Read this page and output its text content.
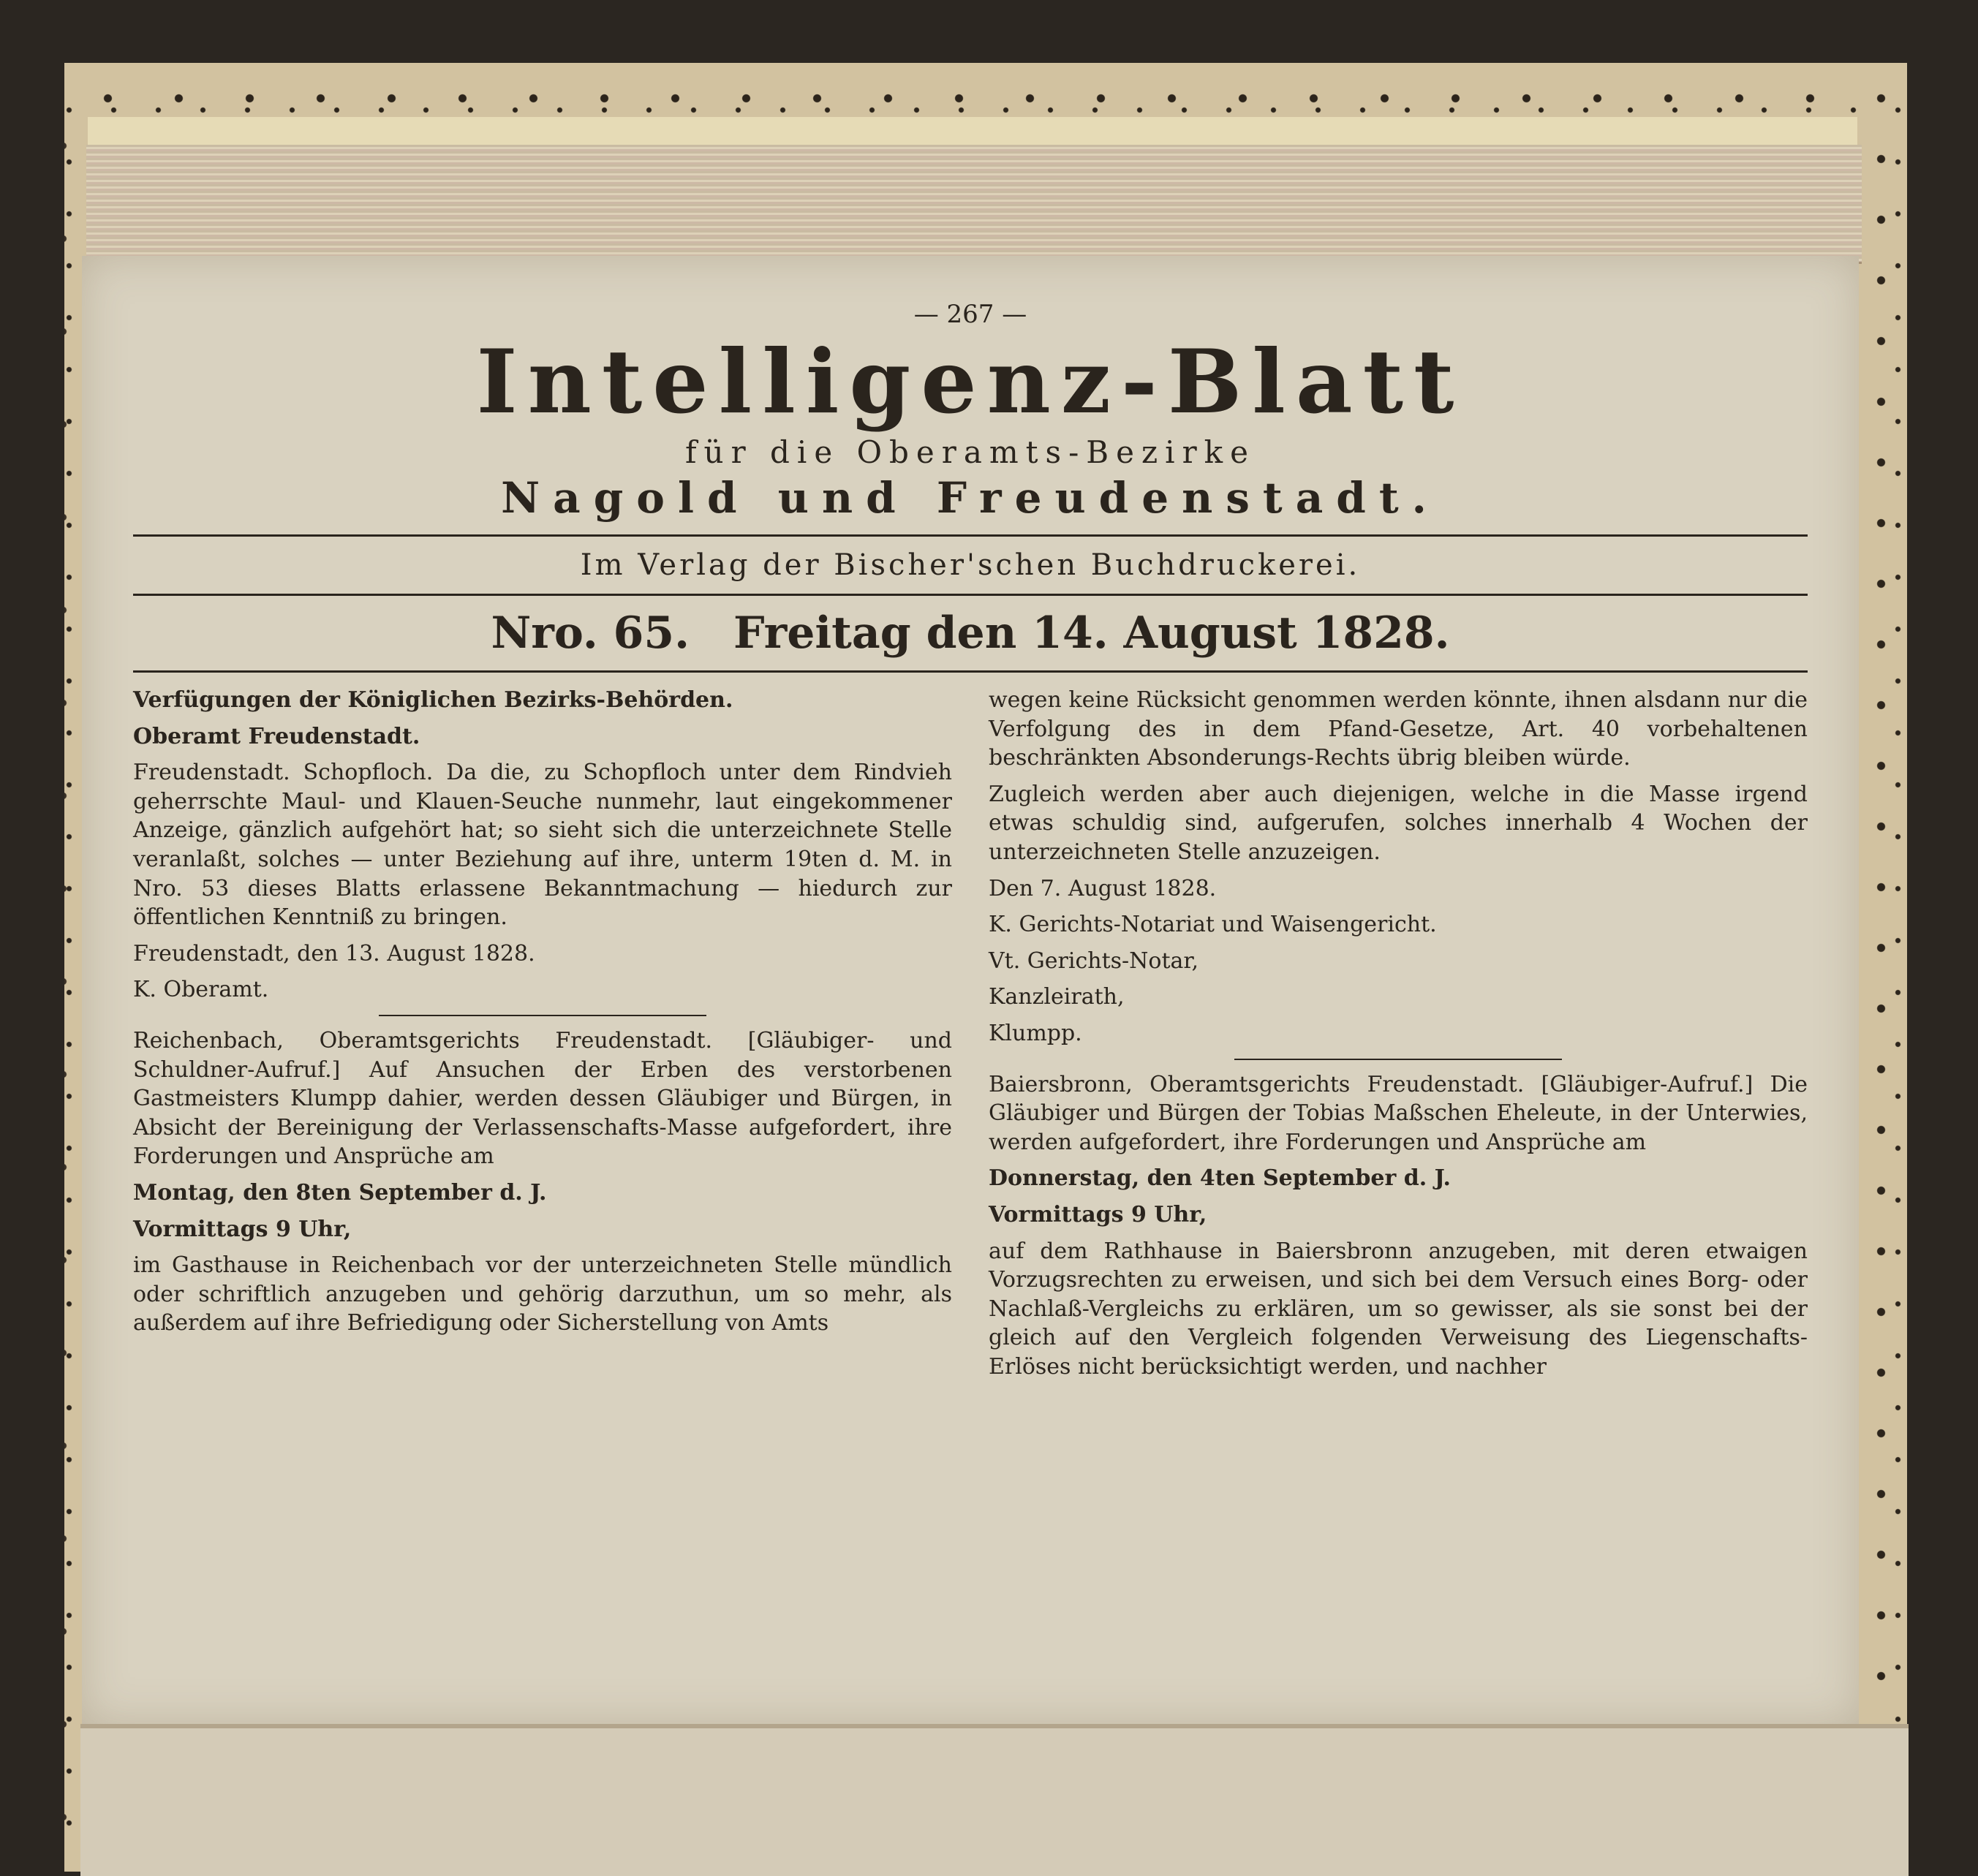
— 267 —
Intelligenz-Blatt
für die Oberamts-Bezirke
Nagold und Freudenstadt.
Im Verlag der Bischer'schen Buchdruckerei.
Nro. 65. Freitag den 14. August 1828.

Verfügungen der Königlichen Bezirks-Behörden.

Oberamt Freudenstadt.

Freudenstadt. Schopfloch. Da die, zu Schopfloch unter dem Rindvieh geherrschte Maul- und Klauen-Seuche nunmehr, laut eingekommener Anzeige, gänzlich aufgehört hat; so sieht sich die unterzeichnete Stelle veranlaßt, solches — unter Beziehung auf ihre, unterm 19ten d. M. in Nro. 53 dieses Blatts erlassene Bekanntmachung — hiedurch zur öffentlichen Kenntniß zu bringen.

Freudenstadt, den 13. August 1828.

K. Oberamt.

Reichenbach, Oberamtsgerichts Freudenstadt. [Gläubiger- und Schuldner-Aufruf.] Auf Ansuchen der Erben des verstorbenen Gastmeisters Klumpp dahier, werden dessen Gläubiger und Bürgen, in Absicht der Bereinigung der Verlassenschafts-Masse aufgefordert, ihre Forderungen und Ansprüche am

Montag, den 8ten September d. J.

Vormittags 9 Uhr,

im Gasthause in Reichenbach vor der unterzeichneten Stelle mündlich oder schriftlich anzugeben und gehörig darzuthun, um so mehr, als außerdem auf ihre Befriedigung oder Sicherstellung von Amts

wegen keine Rücksicht genommen werden könnte, ihnen alsdann nur die Verfolgung des in dem Pfand-Gesetze, Art. 40 vorbehaltenen beschränkten Absonderungs-Rechts übrig bleiben würde.

Zugleich werden aber auch diejenigen, welche in die Masse irgend etwas schuldig sind, aufgerufen, solches innerhalb 4 Wochen der unterzeichneten Stelle anzuzeigen.

Den 7. August 1828.

K. Gerichts-Notariat und Waisengericht.

Vt. Gerichts-Notar,

Kanzleirath,

Klumpp.

Baiersbronn, Oberamtsgerichts Freudenstadt. [Gläubiger-Aufruf.] Die Gläubiger und Bürgen der Tobias Maßschen Eheleute, in der Unterwies, werden aufgefordert, ihre Forderungen und Ansprüche am

Donnerstag, den 4ten September d. J.

Vormittags 9 Uhr,

auf dem Rathhause in Baiersbronn anzugeben, mit deren etwaigen Vorzugsrechten zu erweisen, und sich bei dem Versuch eines Borg- oder Nachlaß-Vergleichs zu erklären, um so gewisser, als sie sonst bei der gleich auf den Vergleich folgenden Verweisung des Liegenschafts-Erlöses nicht berücksichtigt werden, und nachher
